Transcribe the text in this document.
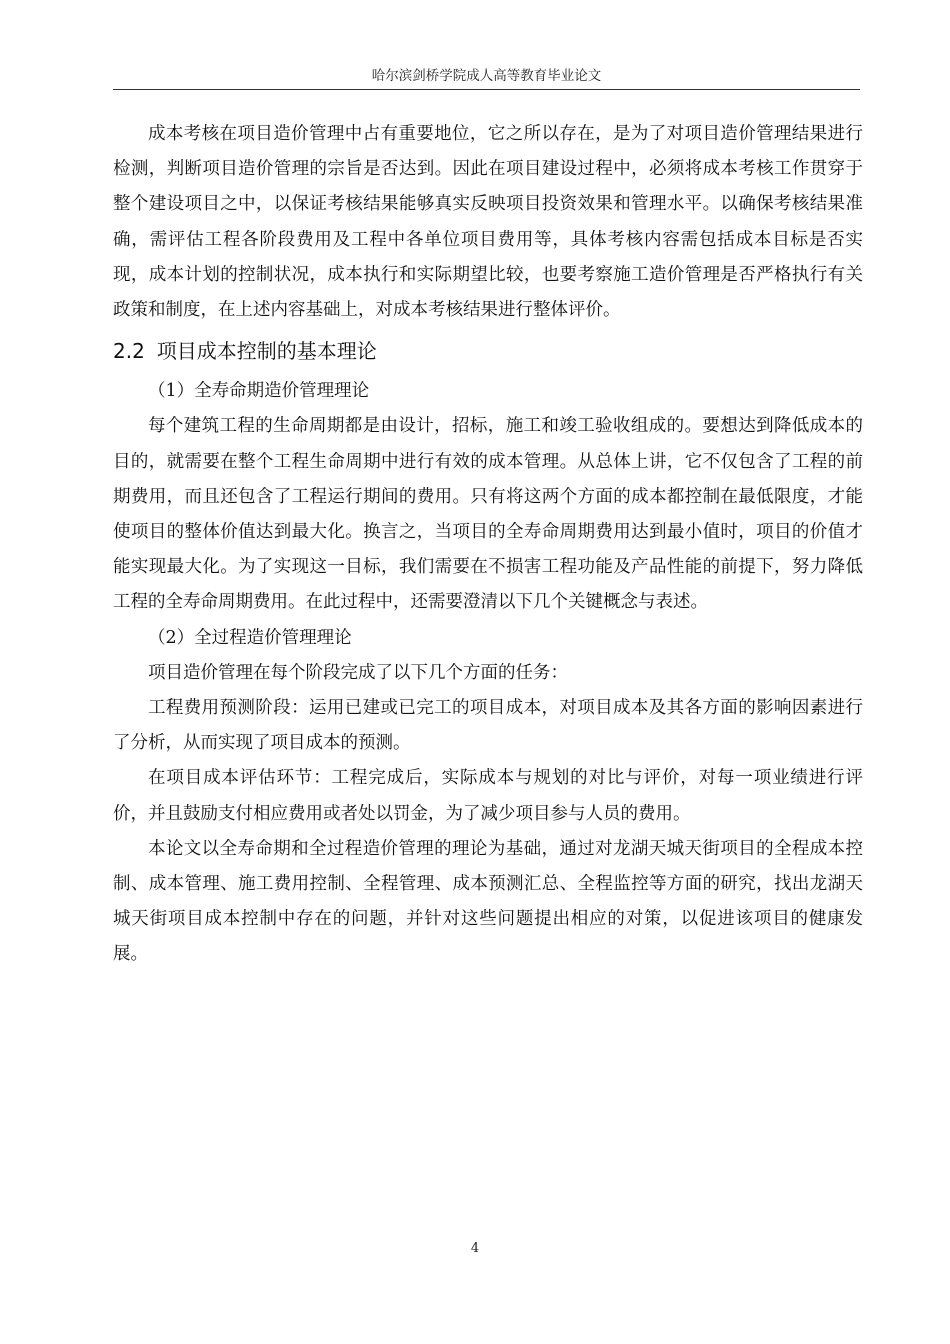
哈尔滨剑桥学院成人高等教育毕业论文

成本考核在项目造价管理中占有重要地位，它之所以存在，是为了对项目造价管理结果进行检测，判断项目造价管理的宗旨是否达到。因此在项目建设过程中，必须将成本考核工作贯穿于整个建设项目之中，以保证考核结果能够真实反映项目投资效果和管理水平。以确保考核结果准确，需评估工程各阶段费用及工程中各单位项目费用等，具体考核内容需包括成本目标是否实现，成本计划的控制状况，成本执行和实际期望比较，也要考察施工造价管理是否严格执行有关政策和制度，在上述内容基础上，对成本考核结果进行整体评价。

2.2 项目成本控制的基本理论

（1）全寿命期造价管理理论

每个建筑工程的生命周期都是由设计，招标，施工和竣工验收组成的。要想达到降低成本的目的，就需要在整个工程生命周期中进行有效的成本管理。从总体上讲，它不仅包含了工程的前期费用，而且还包含了工程运行期间的费用。只有将这两个方面的成本都控制在最低限度，才能使项目的整体价值达到最大化。换言之，当项目的全寿命周期费用达到最小值时，项目的价值才能实现最大化。为了实现这一目标，我们需要在不损害工程功能及产品性能的前提下，努力降低工程的全寿命周期费用。在此过程中，还需要澄清以下几个关键概念与表述。

（2）全过程造价管理理论

项目造价管理在每个阶段完成了以下几个方面的任务：

工程费用预测阶段：运用已建或已完工的项目成本，对项目成本及其各方面的影响因素进行了分析，从而实现了项目成本的预测。

在项目成本评估环节：工程完成后，实际成本与规划的对比与评价，对每一项业绩进行评价，并且鼓励支付相应费用或者处以罚金，为了减少项目参与人员的费用。

本论文以全寿命期和全过程造价管理的理论为基础，通过对龙湖天城天街项目的全程成本控制、成本管理、施工费用控制、全程管理、成本预测汇总、全程监控等方面的研究，找出龙湖天城天街项目成本控制中存在的问题，并针对这些问题提出相应的对策，以促进该项目的健康发展。

4
